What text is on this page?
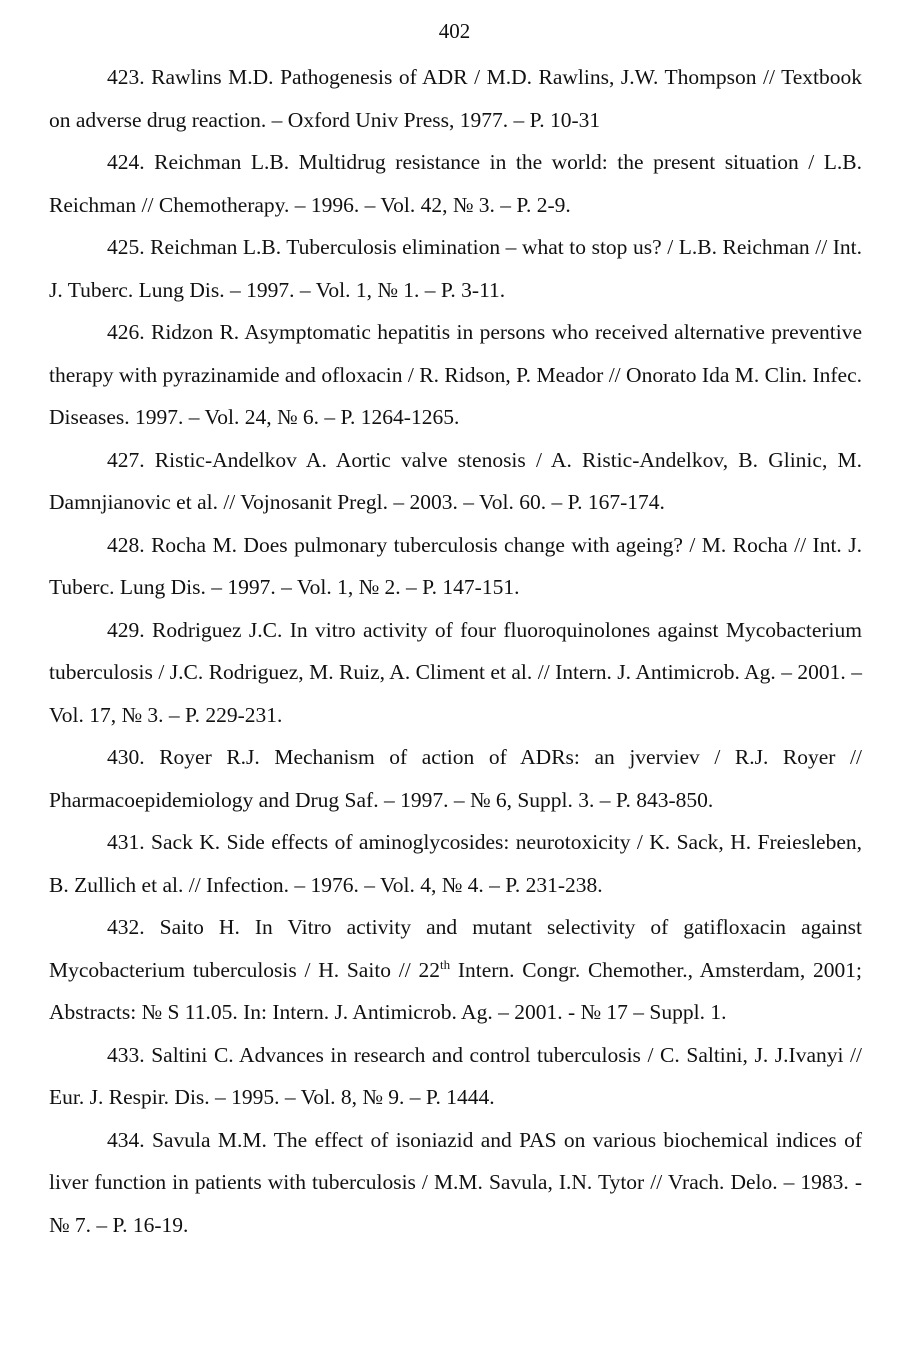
402

423. Rawlins M.D. Pathogenesis of ADR / M.D. Rawlins, J.W. Thompson // Textbook on adverse drug reaction. – Oxford Univ Press, 1977. – P. 10-31

424. Reichman L.B. Multidrug resistance in the world: the present situation / L.B. Reichman // Chemotherapy. – 1996. – Vol. 42, № 3. – P. 2-9.

425. Reichman L.B. Tuberculosis elimination – what to stop us? / L.B. Reichman // Int. J. Tuberc. Lung Dis. – 1997. – Vol. 1, № 1. – P. 3-11.

426. Ridzon R. Asymptomatic hepatitis in persons who received alternative preventive therapy with pyrazinamide and ofloxacin / R. Ridson, P. Meador // Onorato Ida M. Clin. Infec. Diseases. 1997. – Vol. 24, № 6. – P. 1264-1265.

427. Ristic-Andelkov A. Aortic valve stenosis / A. Ristic-Andelkov, B. Glinic, M. Damnjianovic et al. // Vojnosanit Pregl. – 2003. – Vol. 60. – P. 167-174.

428. Rocha M. Does pulmonary tuberculosis change with ageing? / M. Rocha // Int. J. Tuberc. Lung Dis. – 1997. – Vol. 1, № 2. – P. 147-151.

429. Rodriguez J.C. In vitro activity of four fluoroquinolones against Mycobacterium tuberculosis / J.C. Rodriguez, M. Ruiz, A. Climent et al. // Intern. J. Antimicrob. Ag. – 2001. – Vol. 17, № 3. – P. 229-231.

430. Royer R.J. Mechanism of action of ADRs: an jverviev / R.J. Royer // Pharmacoepidemiology and Drug Saf. – 1997. – № 6, Suppl. 3. – P. 843-850.

431. Sack K. Side effects of aminoglycosides: neurotoxicity / K. Sack, H. Freiesleben, B. Zullich et al. // Infection. – 1976. – Vol. 4, № 4. – P. 231-238.

432. Saito H. In Vitro activity and mutant selectivity of gatifloxacin against Mycobacterium tuberculosis / H. Saito // 22th Intern. Congr. Chemother., Amsterdam, 2001; Abstracts: № S 11.05. In: Intern. J. Antimicrob. Ag. – 2001. - № 17 – Suppl. 1.

433. Saltini C. Advances in research and control tuberculosis / C. Saltini, J. J.Ivanyi // Eur. J. Respir. Dis. – 1995. – Vol. 8, № 9. – P. 1444.

434. Savula M.M. The effect of isoniazid and PAS on various biochemical indices of liver function in patients with tuberculosis / M.M. Savula, I.N. Tytor // Vrach. Delo. – 1983. - № 7. – P. 16-19.
